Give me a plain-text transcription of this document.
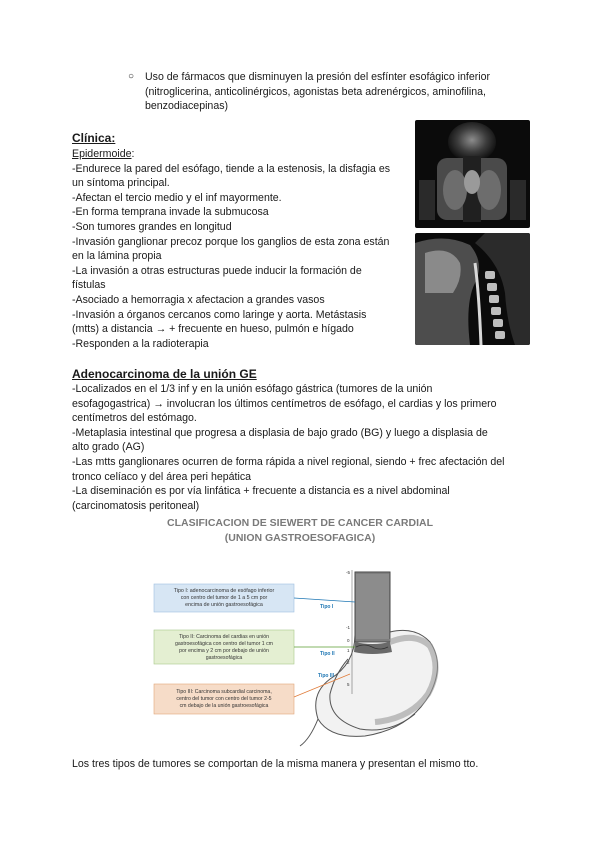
○ Uso de fármacos que disminuyen la presión del esfínter esofágico inferior
(nitroglicerina, anticolinérgicos, agonistas beta adrenérgicos, aminofilina,
benzodiacepinas)
Clínica:
Epidermoide:
-Endurece la pared del esófago, tiende a la estenosis, la disfagia es
un síntoma principal.
-Afectan el tercio medio y el inf mayormente.
-En forma temprana invade la submucosa
-Son tumores grandes en longitud
-Invasión ganglionar precoz porque los ganglios de esta zona están
en la lámina propia
-La invasión a otras estructuras puede inducir la formación de
fístulas
-Asociado a hemorragia x afectacion a grandes vasos
-Invasión a órganos cercanos como laringe y aorta. Metástasis
(mtts) a distancia → + frecuente en hueso, pulmón e hígado
-Responden a la radioterapia
Adenocarcinoma de la unión GE
-Localizados en el 1/3 inf y en la unión esófago gástrica (tumores de la unión
esofagogastrica) → involucran los últimos centímetros de esófago, el cardias y los primero
centímetros del estómago.
-Metaplasia intestinal que progresa a displasia de bajo grado (BG) y luego a displasia de
alto grado (AG)
-Las mtts ganglionares ocurren de forma rápida a nivel regional, siendo + frec afectación del
tronco celíaco y del área peri hepática
-La diseminación es por vía linfática + frecuente a distancia es a nivel abdominal
(carcinomatosis peritoneal)
CLASIFICACION DE SIEWERT DE CANCER CARDIAL
(UNION GASTROESOFAGICA)
-5
-1
0
1
2
5
Tipo I: adenocarcinoma de esófago inferior
con centro del tumor de 1 a 5 cm por
encima de unión gastroesofágica	Tipo I
Tipo II: Carcinoma del cardias en unión
gastroesofágica con centro del tumor 1 cm
por encima y 2 cm por debajo de unión
gastroesofágica
Tipo II
Tipo III: Carcinoma subcardial carcinoma,
centro del tumor con centro del tumor 2-5
cm debajo de la unión gastroesofágica
Tipo III
Los tres tipos de tumores se comportan de la misma manera y presentan el mismo tto.
